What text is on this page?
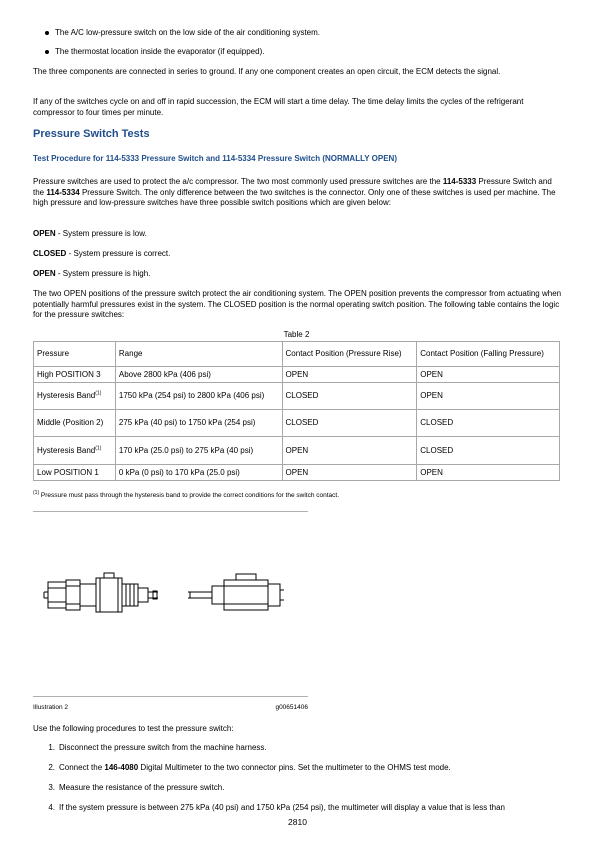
The A/C low-pressure switch on the low side of the air conditioning system.
The thermostat location inside the evaporator (if equipped).

The three components are connected in series to ground. If any one component creates an open circuit, the ECM detects the signal.

If any of the switches cycle on and off in rapid succession, the ECM will start a time delay. The time delay limits the cycles of the refrigerant compressor to four times per minute.

Pressure Switch Tests
Test Procedure for 114-5333 Pressure Switch and 114-5334 Pressure Switch (NORMALLY OPEN)

Pressure switches are used to protect the a/c compressor. The two most commonly used pressure switches are the 114-5333 Pressure Switch and the 114-5334 Pressure Switch. The only difference between the two switches is the connector. Only one of these switches is used per machine. The high pressure and low-pressure switches have three possible switch positions which are given below:

OPEN - System pressure is low.

CLOSED - System pressure is correct.

OPEN - System pressure is high.

The two OPEN positions of the pressure switch protect the air conditioning system. The OPEN position prevents the compressor from actuating when potentially harmful pressures exist in the system. The CLOSED position is the normal operating switch position. The following table contains the logic for the pressure switches:

Table 2
Pressure	Range	Contact Position (Pressure Rise)	Contact Position (Falling Pressure)
High POSITION 3	Above 2800 kPa (406 psi)	OPEN	OPEN
Hysteresis Band$^{(1)}$	1750 kPa (254 psi) to 2800 kPa (406 psi)	CLOSED	OPEN
Middle (Position 2)	275 kPa (40 psi) to 1750 kPa (254 psi)	CLOSED	CLOSED
Hysteresis Band$^{(1)}$	170 kPa (25.0 psi) to 275 kPa (40 psi)	OPEN	CLOSED
Low POSITION 1	0 kPa (0 psi) to 170 kPa (25.0 psi)	OPEN	OPEN
$^{(1)}$ Pressure must pass through the hysteresis band to provide the correct conditions for the switch contact.
Illustration 2	g00651406

Use the following procedures to test the pressure switch:

1. Disconnect the pressure switch from the machine harness.
2. Connect the 146-4080 Digital Multimeter to the two connector pins. Set the multimeter to the OHMS test mode.
3. Measure the resistance of the pressure switch.
4. If the system pressure is between 275 kPa (40 psi) and 1750 kPa (254 psi), the multimeter will display a value that is less than
2810
